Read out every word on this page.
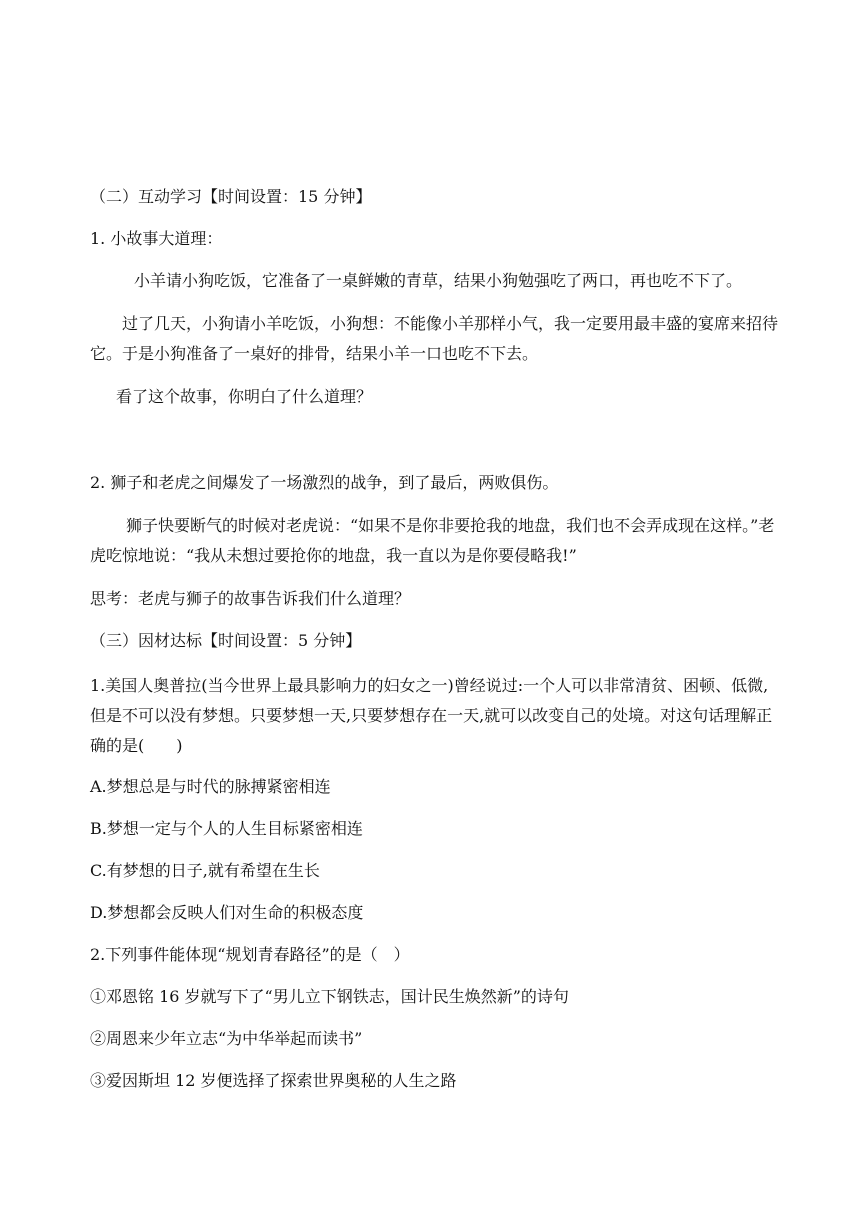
（二）互动学习【时间设置：15 分钟】
1. 小故事大道理：
小羊请小狗吃饭，它准备了一桌鲜嫩的青草，结果小狗勉强吃了两口，再也吃不下了。
过了几天，小狗请小羊吃饭，小狗想：不能像小羊那样小气，我一定要用最丰盛的宴席来招待它。于是小狗准备了一桌好的排骨，结果小羊一口也吃不下去。
看了这个故事，你明白了什么道理？
2. 狮子和老虎之间爆发了一场激烈的战争，到了最后，两败俱伤。
狮子快要断气的时候对老虎说：“如果不是你非要抢我的地盘，我们也不会弄成现在这样。”老虎吃惊地说：“我从未想过要抢你的地盘，我一直以为是你要侵略我!”
思考：老虎与狮子的故事告诉我们什么道理？
（三）因材达标【时间设置：5 分钟】
1.美国人奥普拉(当今世界上最具影响力的妇女之一)曾经说过:一个人可以非常清贫、困顿、低微,但是不可以没有梦想。只要梦想一天,只要梦想存在一天,就可以改变自己的处境。对这句话理解正确的是(　　)
A.梦想总是与时代的脉搏紧密相连
B.梦想一定与个人的人生目标紧密相连
C.有梦想的日子,就有希望在生长
D.梦想都会反映人们对生命的积极态度
2.下列事件能体现“规划青春路径”的是（　）
①邓恩铭 16 岁就写下了“男儿立下钢铁志，国计民生焕然新”的诗句
②周恩来少年立志“为中华举起而读书”
③爱因斯坦 12 岁便选择了探索世界奥秘的人生之路
